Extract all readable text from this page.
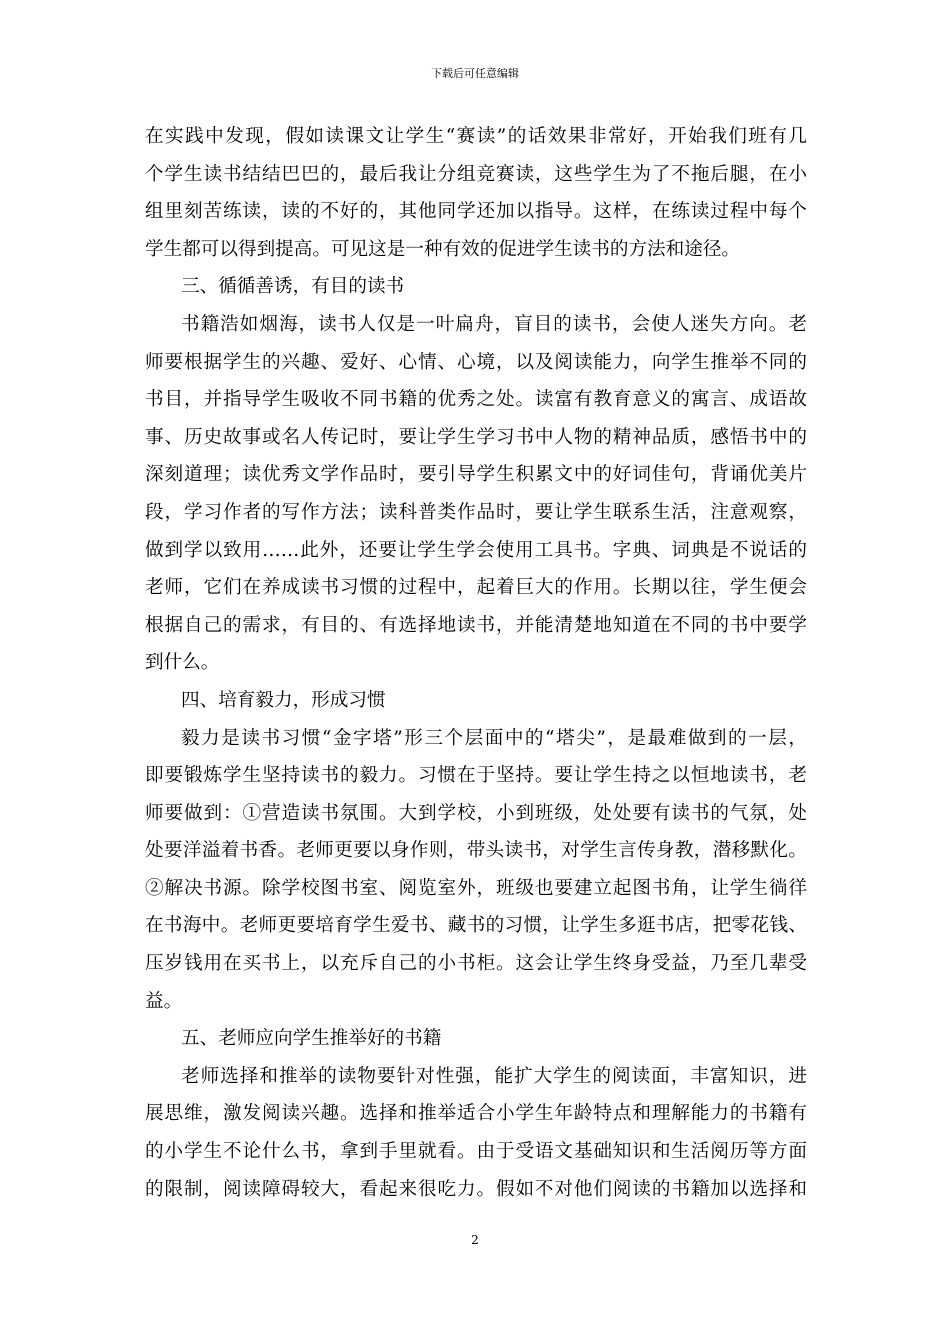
下载后可任意编辑
在实践中发现，假如读课文让学生“赛读”的话效果非常好，开始我们班有几
个学生读书结结巴巴的，最后我让分组竞赛读，这些学生为了不拖后腿，在小
组里刻苦练读，读的不好的，其他同学还加以指导。这样，在练读过程中每个
学生都可以得到提高。可见这是一种有效的促进学生读书的方法和途径。
三、循循善诱，有目的读书
书籍浩如烟海，读书人仅是一叶扁舟，盲目的读书，会使人迷失方向。老
师要根据学生的兴趣、爱好、心情、心境，以及阅读能力，向学生推举不同的
书目，并指导学生吸收不同书籍的优秀之处。读富有教育意义的寓言、成语故
事、历史故事或名人传记时，要让学生学习书中人物的精神品质，感悟书中的
深刻道理；读优秀文学作品时，要引导学生积累文中的好词佳句，背诵优美片
段，学习作者的写作方法；读科普类作品时，要让学生联系生活，注意观察，
做到学以致用……此外，还要让学生学会使用工具书。字典、词典是不说话的
老师，它们在养成读书习惯的过程中，起着巨大的作用。长期以往，学生便会
根据自己的需求，有目的、有选择地读书，并能清楚地知道在不同的书中要学
到什么。
四、培育毅力，形成习惯
毅力是读书习惯“金字塔”形三个层面中的“塔尖”，是最难做到的一层，
即要锻炼学生坚持读书的毅力。习惯在于坚持。要让学生持之以恒地读书，老
师要做到：①营造读书氛围。大到学校，小到班级，处处要有读书的气氛，处
处要洋溢着书香。老师更要以身作则，带头读书，对学生言传身教，潜移默化。
②解决书源。除学校图书室、阅览室外，班级也要建立起图书角，让学生徜徉
在书海中。老师更要培育学生爱书、藏书的习惯，让学生多逛书店，把零花钱、
压岁钱用在买书上，以充斥自己的小书柜。这会让学生终身受益，乃至几辈受
益。
五、老师应向学生推举好的书籍
老师选择和推举的读物要针对性强，能扩大学生的阅读面，丰富知识，进
展思维，激发阅读兴趣。选择和推举适合小学生年龄特点和理解能力的书籍有
的小学生不论什么书，拿到手里就看。由于受语文基础知识和生活阅历等方面
的限制，阅读障碍较大，看起来很吃力。假如不对他们阅读的书籍加以选择和
2
